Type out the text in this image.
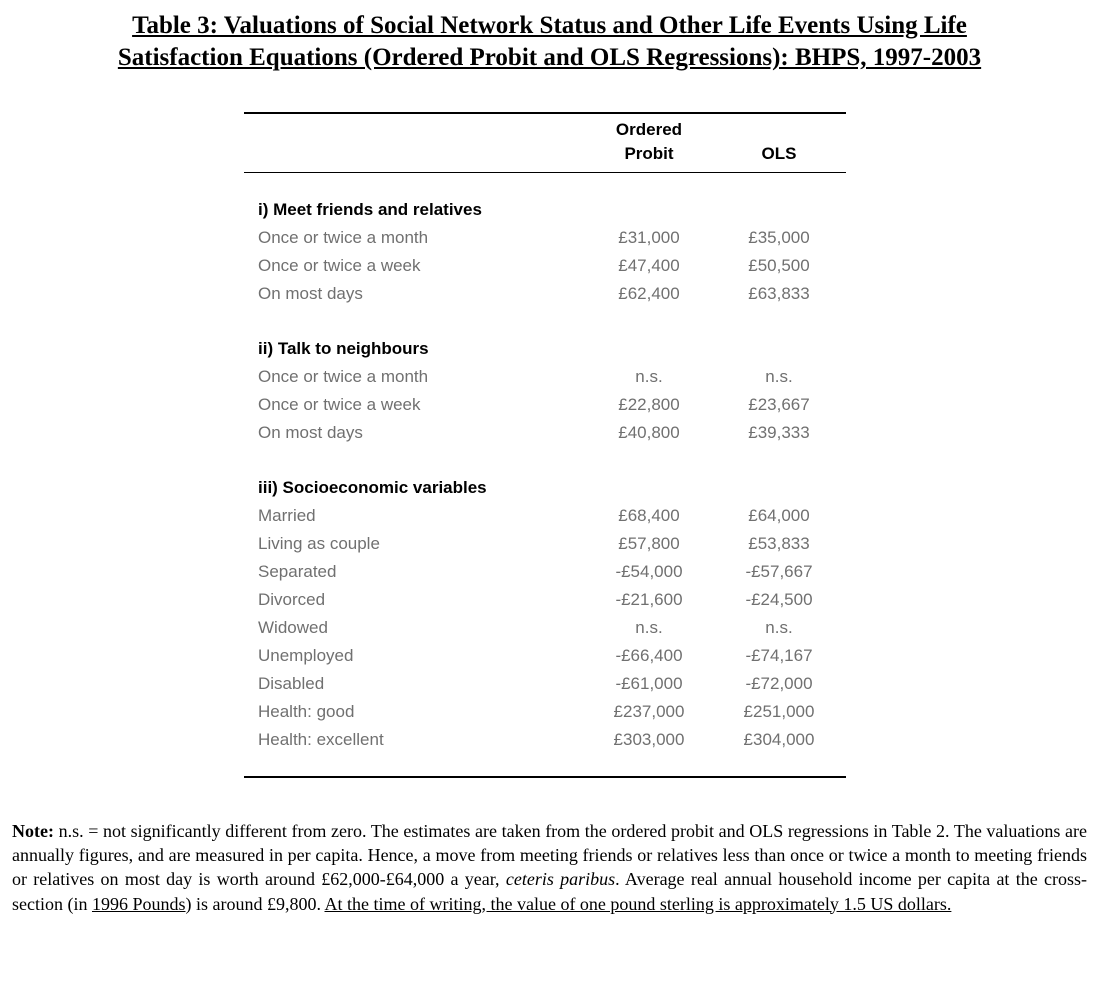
Table 3: Valuations of Social Network Status and Other Life Events Using Life
Satisfaction Equations (Ordered Probit and OLS Regressions): BHPS, 1997-2003
Ordered
Probit	OLS
i) Meet friends and relatives
Once or twice a month	£31,000	£35,000
Once or twice a week	£47,400	£50,500
On most days	£62,400	£63,833
ii) Talk to neighbours
Once or twice a month	n.s.	n.s.
Once or twice a week	£22,800	£23,667
On most days	£40,800	£39,333
iii) Socioeconomic variables
Married	£68,400	£64,000
Living as couple	£57,800	£53,833
Separated	-£54,000	-£57,667
Divorced	-£21,600	-£24,500
Widowed	n.s.	n.s.
Unemployed	-£66,400	-£74,167
Disabled	-£61,000	-£72,000
Health: good	£237,000	£251,000
Health: excellent	£303,000	£304,000
Note: n.s. = not significantly different from zero. The estimates are taken from the ordered probit and OLS regressions in Table 2. The valuations are annually figures, and are measured in per capita. Hence, a move from meeting friends or relatives less than once or twice a month to meeting friends or relatives on most day is worth around £62,000-£64,000 a year, ceteris paribus. Average real annual household income per capita at the cross-section (in 1996 Pounds) is around £9,800. At the time of writing, the value of one pound sterling is approximately 1.5 US dollars.
